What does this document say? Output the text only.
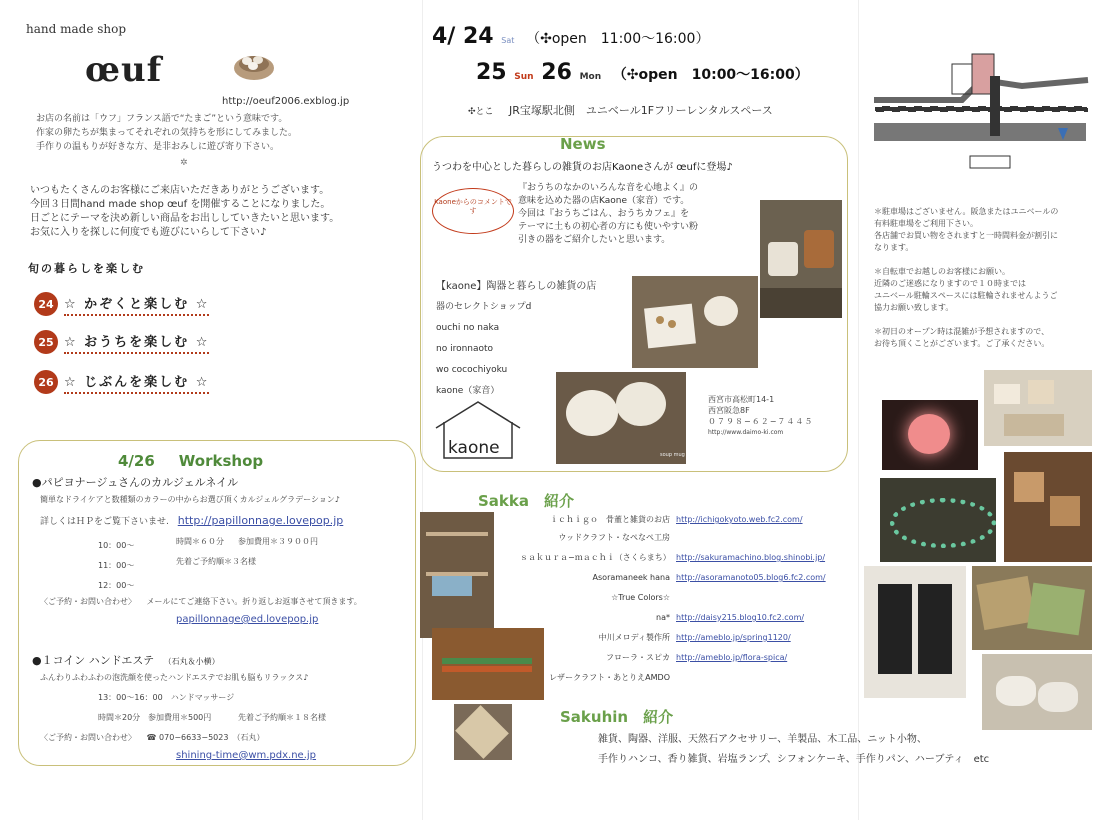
hand made shop
œuf
http://oeuf2006.exblog.jp
お店の名前は「ウフ」フランス語で“たまご”という意味です。
作家の卵たちが集まってそれぞれの気持ちを形にしてみました。
手作りの温もりが好きな方、是非おみしに遊び寄り下さい。
✲
いつもたくさんのお客様にご来店いただきありがとうございます。
今回３日間hand made shop œuf を開催することになりました。
日ごとにテーマを決め新しい商品をお出ししていきたいと思います。
お気に入りを探しに何度でも遊びにいらして下さい♪
旬の暮らしを楽しむ
24 ☆ かぞくと楽しむ ☆
25 ☆ おうちを楽しむ ☆
26 ☆ じぶんを楽しむ ☆
4/26 Workshop
●パピヨナージュさんのカルジェルネイル
簡単なドライケアと数種類のカラーの中からお選び頂くカルジェルグラデーション♪
詳しくはＨＰをご覧下さいませ. http://papillonnage.lovepop.jp
10：00〜
11：00〜
12：00〜
時間＊６０分 参加費用＊３９００円
先着ご予約順＊３名様
〈ご予約・お問い合わせ〉 メールにてご連絡下さい。折り返しお返事させて頂きます。
papillonnage@ed.lovepop.jp
●１コイン ハンドエステ （石丸＆小横）
ふんわりふわふわの泡洗顔を使ったハンドエステでお肌も脳もリラックス♪
13：00〜16：00　ハンドマッサージ
時間＊20分 参加費用＊500円	先着ご予約順＊１８名様
〈ご予約・お問い合わせ〉 ☎ 070−6633−5023　（石丸）
shining-time@wm.pdx.ne.jp
4/ 24 Sat （✣open　11:00〜16:00）
25 Sun 26 Mon （✣open　10:00〜16:00）
✣とこ JR宝塚駅北側　ユニベール1Fフリーレンタルスペース
News
うつわを中心とした暮らしの雑貨のお店Kaoneさんが œufに登場♪
Kaoneからのコメントです
『おうちのなかのいろんな音を心地よく』の
意味を込めた器の店Kaone（家音）です。
今回は『おうちごはん、おうちカフェ』を
テーマに土もの初心者の方にも使いやすい粉
引きの器をご紹介したいと思います。
【kaone】陶器と暮らしの雑貨の店
器のセレクトショップd
ouchi no naka
no ironnaoto
wo cocochiyoku
kaone（家音）
kaone	soup mug
西宮市高松町14-1
西宮阪急8F
０７９８−６２−７４４５
http://www.daimo-ki.com
Sakka　紹介
ｉｃｈｉｇｏ　骨董と雑貨のお店 http://ichigokyoto.web.fc2.com/
ウッドクラフト・なぺなぺ工房
ｓａｋｕｒａ−ｍａｃｈｉ（さくらまち） http://sakuramachino.blog.shinobi.jp/
Asoramaneek hana http://asoramanoto05.blog6.fc2.com/
☆True Colors☆
na* http://daisy215.blog10.fc2.com/
中川メロディ製作所 http://ameblo.jp/spring1120/
フローラ・スピカ http://ameblo.jp/flora-spica/
レザークラフト・あとりえAMDO
Sakuhin　紹介
雑貨、陶器、洋服、天然石アクセサリー、羊製品、木工品、ニット小物、
手作りハンコ、香り雑貨、岩塩ランプ、シフォンケーキ、手作りパン、ハーブティ　etc
＊駐車場はございません。阪急またはユニベールの
有料駐車場をご利用下さい。
各店舗でお買い物をされますと一時間料金が割引に
なります。
＊自転車でお越しのお客様にお願い。
近隣のご迷惑になりますので１０時までは
ユニベール駐輪スペースには駐輪されませんようご
協力お願い致します。
＊初日のオープン時は混雑が予想されますので、
お待ち頂くことがございます。ご了承ください。
